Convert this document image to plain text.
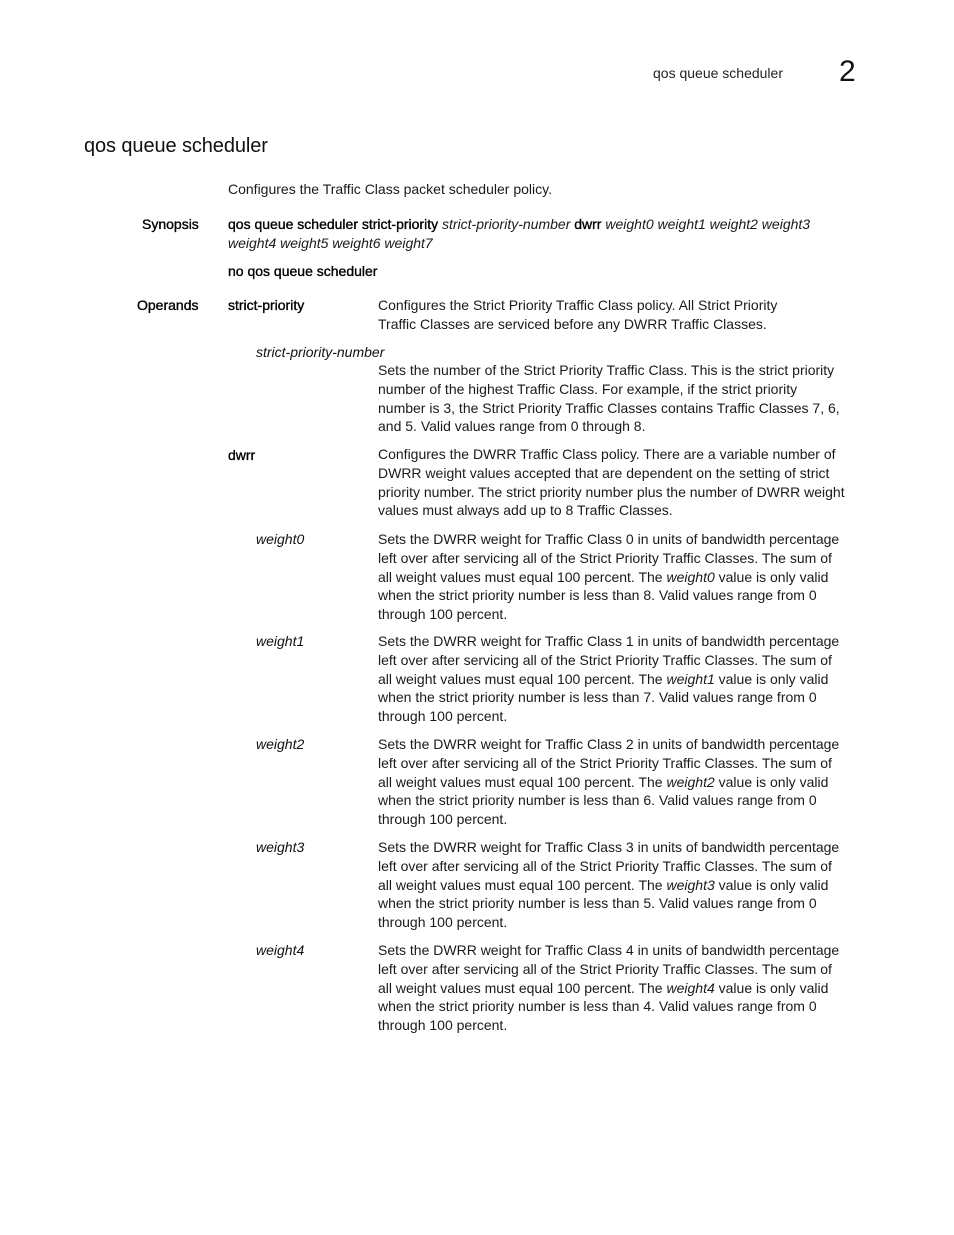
qos queue scheduler 2
qos queue scheduler
Configures the Traffic Class packet scheduler policy.
Synopsis qos queue scheduler strict-priority strict-priority-number dwrr weight0 weight1 weight2 weight3
weight4 weight5 weight6 weight7
no qos queue scheduler
Operands strict-priority	Configures the Strict Priority Traffic Class policy. All Strict Priority
Traffic Classes are serviced before any DWRR Traffic Classes.
strict-priority-number
Sets the number of the Strict Priority Traffic Class. This is the strict priority
number of the highest Traffic Class. For example, if the strict priority
number is 3, the Strict Priority Traffic Classes contains Traffic Classes 7, 6,
and 5. Valid values range from 0 through 8.
dwrr	Configures the DWRR Traffic Class policy. There are a variable number of
DWRR weight values accepted that are dependent on the setting of strict
priority number. The strict priority number plus the number of DWRR weight
values must always add up to 8 Traffic Classes.
weight0	Sets the DWRR weight for Traffic Class 0 in units of bandwidth percentage
left over after servicing all of the Strict Priority Traffic Classes. The sum of
all weight values must equal 100 percent. The weight0 value is only valid
when the strict priority number is less than 8. Valid values range from 0
through 100 percent.
weight1	Sets the DWRR weight for Traffic Class 1 in units of bandwidth percentage
left over after servicing all of the Strict Priority Traffic Classes. The sum of
all weight values must equal 100 percent. The weight1 value is only valid
when the strict priority number is less than 7. Valid values range from 0
through 100 percent.
weight2	Sets the DWRR weight for Traffic Class 2 in units of bandwidth percentage
left over after servicing all of the Strict Priority Traffic Classes. The sum of
all weight values must equal 100 percent. The weight2 value is only valid
when the strict priority number is less than 6. Valid values range from 0
through 100 percent.
weight3	Sets the DWRR weight for Traffic Class 3 in units of bandwidth percentage
left over after servicing all of the Strict Priority Traffic Classes. The sum of
all weight values must equal 100 percent. The weight3 value is only valid
when the strict priority number is less than 5. Valid values range from 0
through 100 percent.
weight4	Sets the DWRR weight for Traffic Class 4 in units of bandwidth percentage
left over after servicing all of the Strict Priority Traffic Classes. The sum of
all weight values must equal 100 percent. The weight4 value is only valid
when the strict priority number is less than 4. Valid values range from 0
through 100 percent.
